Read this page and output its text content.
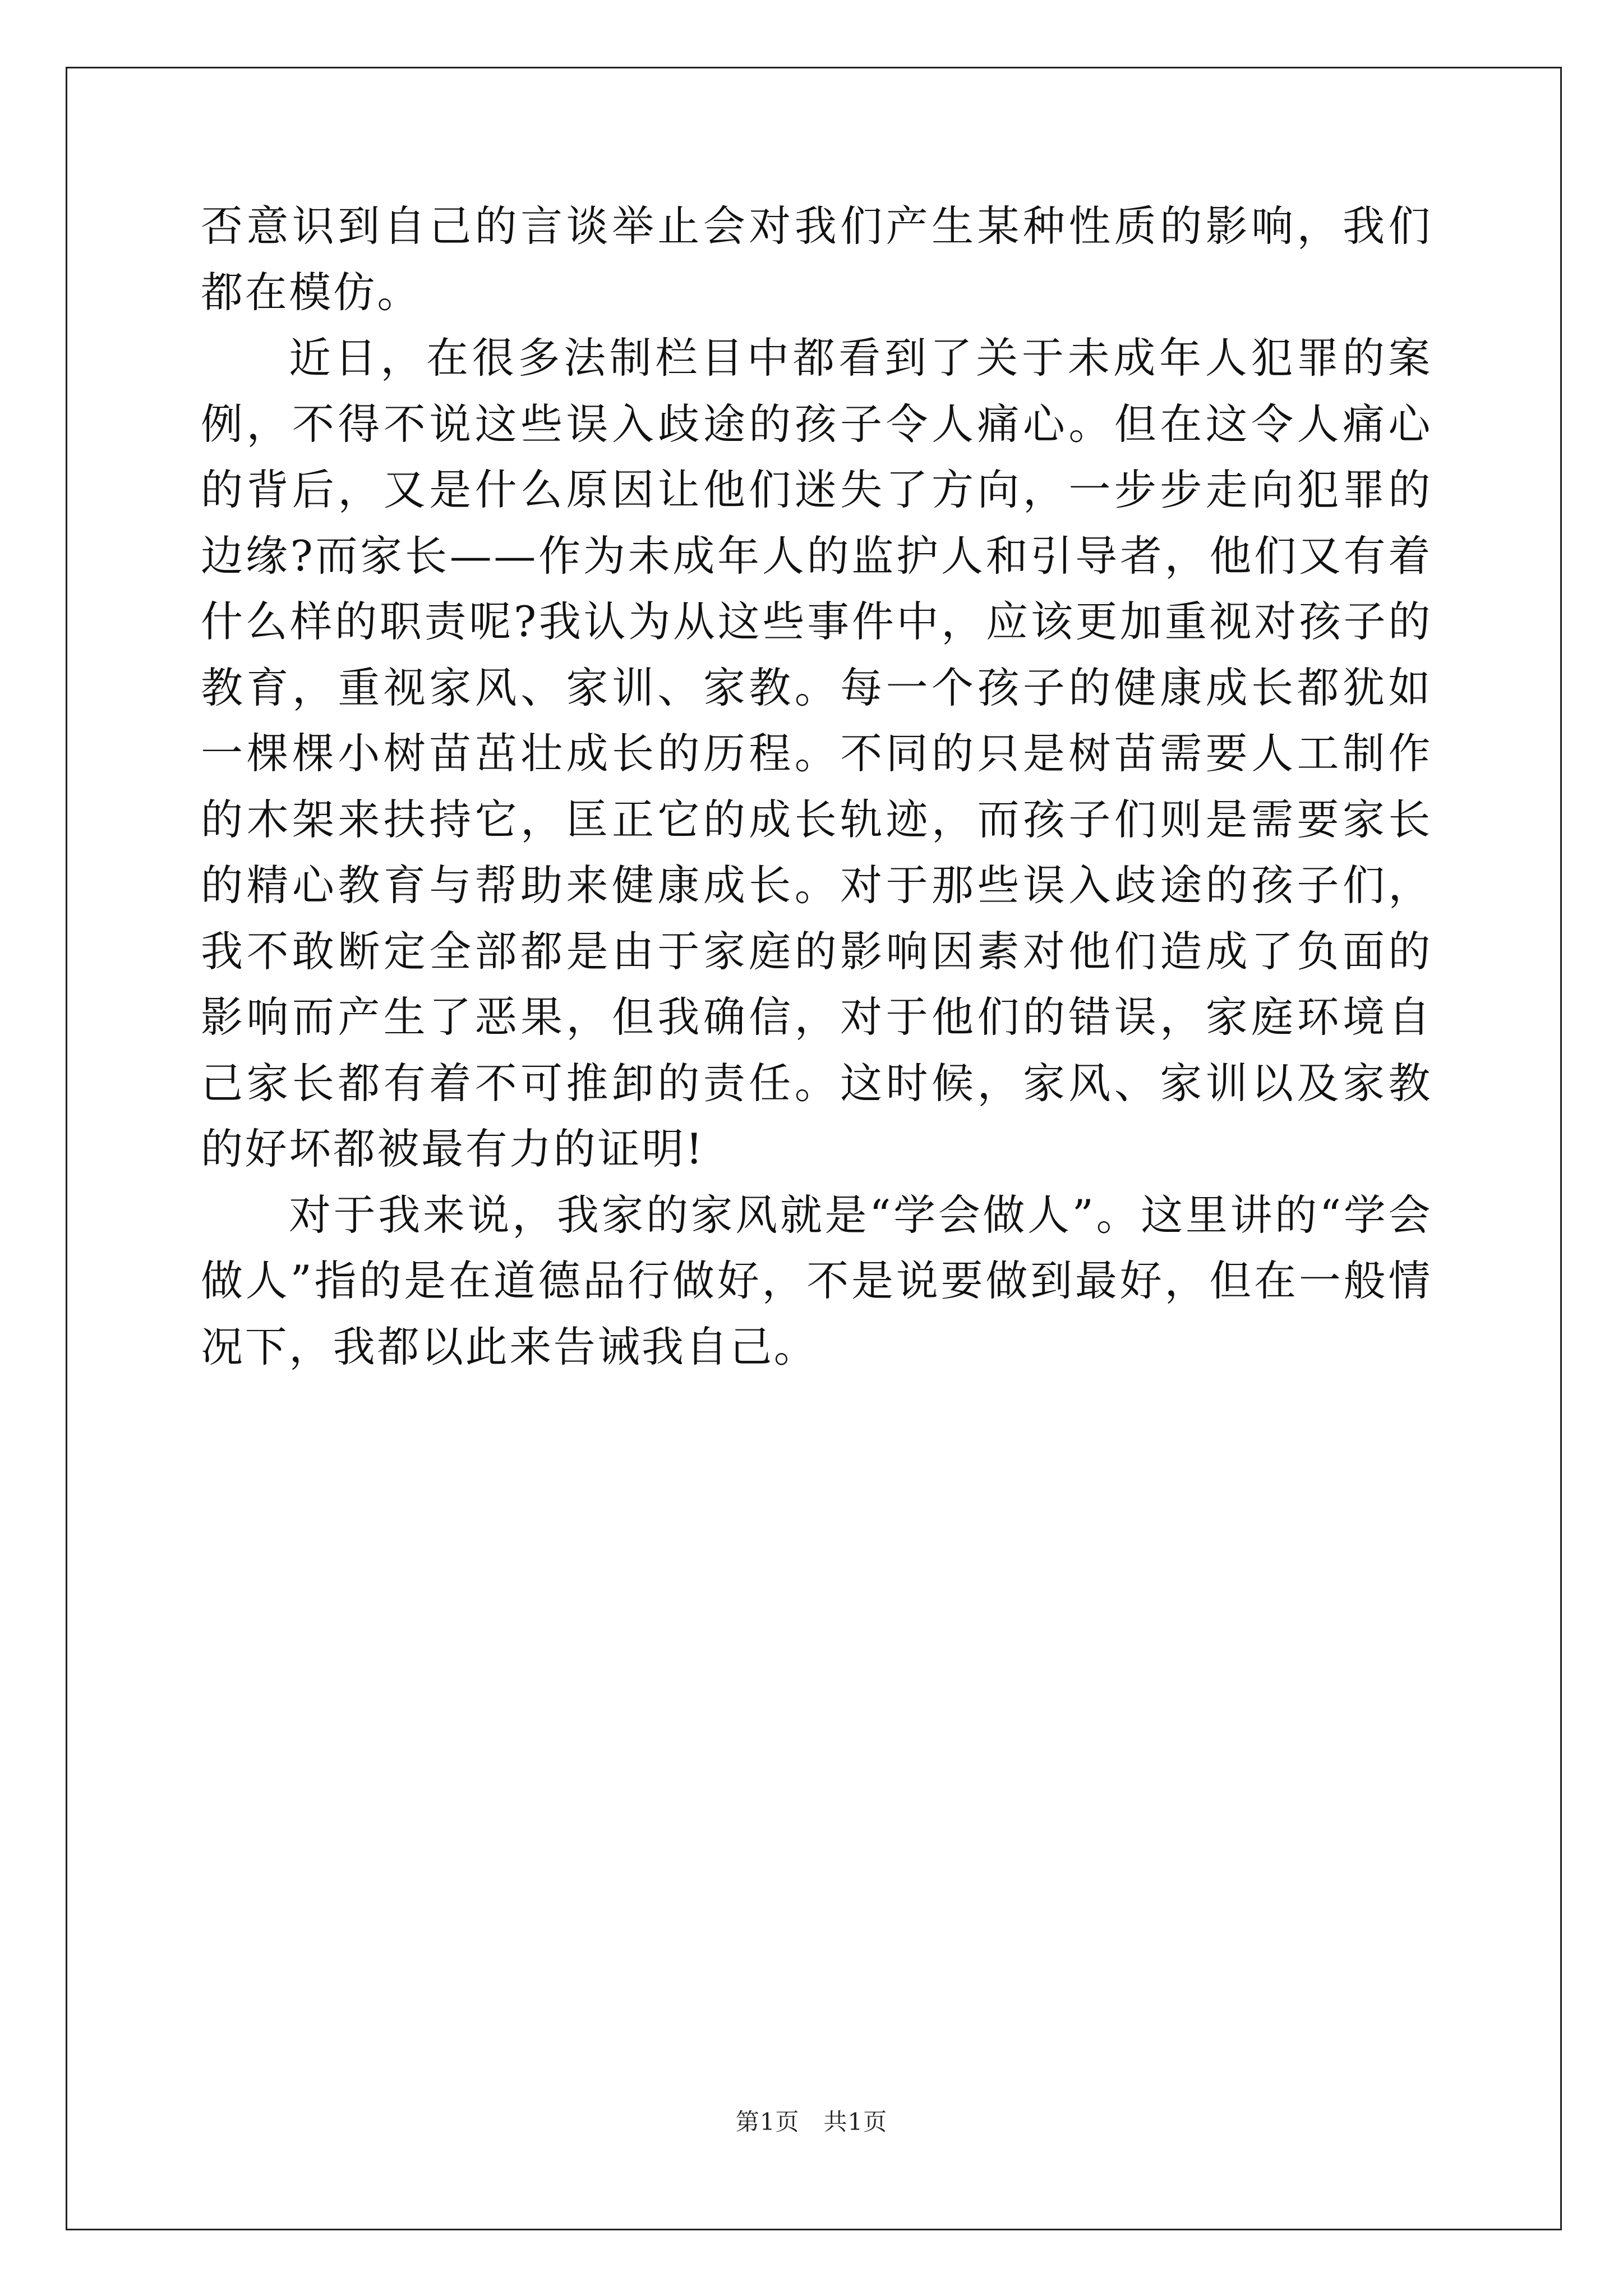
否意识到自己的言谈举止会对我们产生某种性质的影响，我们都在模仿。

近日，在很多法制栏目中都看到了关于未成年人犯罪的案例，不得不说这些误入歧途的孩子令人痛心。但在这令人痛心的背后，又是什么原因让他们迷失了方向，一步步走向犯罪的边缘?而家长——作为未成年人的监护人和引导者，他们又有着什么样的职责呢?我认为从这些事件中，应该更加重视对孩子的教育，重视家风、家训、家教。每一个孩子的健康成长都犹如一棵棵小树苗茁壮成长的历程。不同的只是树苗需要人工制作的木架来扶持它，匡正它的成长轨迹，而孩子们则是需要家长的精心教育与帮助来健康成长。对于那些误入歧途的孩子们，我不敢断定全部都是由于家庭的影响因素对他们造成了负面的影响而产生了恶果，但我确信，对于他们的错误，家庭环境自己家长都有着不可推卸的责任。这时候，家风、家训以及家教的好坏都被最有力的证明!

对于我来说，我家的家风就是“学会做人”。这里讲的“学会做人”指的是在道德品行做好，不是说要做到最好，但在一般情况下，我都以此来告诫我自己。

第1页　共1页
